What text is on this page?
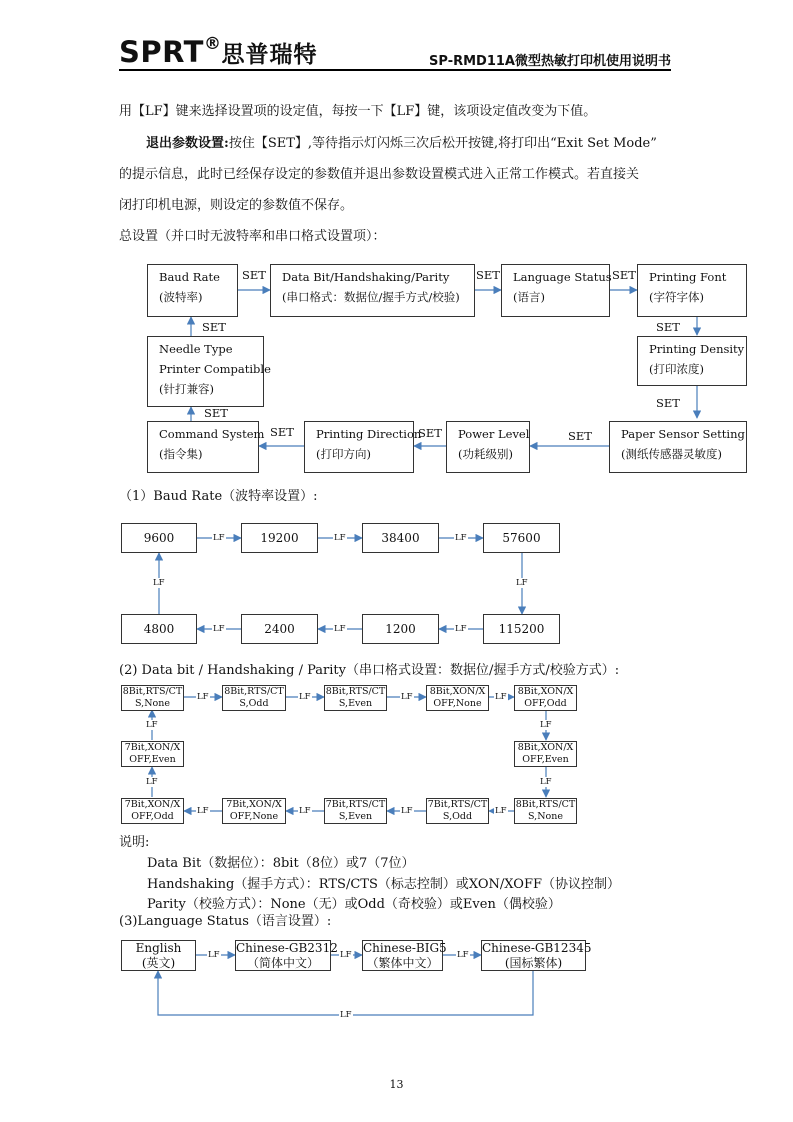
SPRT®思普瑞特	SP-RMD11A微型热敏打印机使用说明书
用【LF】键来选择设置项的设定值，每按一下【LF】键，该项设定值改变为下值。
退出参数设置:按住【SET】,等待指示灯闪烁三次后松开按键,将打印出“Exit Set Mode”
的提示信息，此时已经保存设定的参数值并退出参数设置模式进入正常工作模式。若直接关
闭打印机电源，则设定的参数值不保存。
总设置（并口时无波特率和串口格式设置项）：
Baud Rate
(波特率)
Data Bit/Handshaking/Parity
(串口格式：数据位/握手方式/校验)
Language Status
(语言)
Printing Font
(字符字体)
Needle Type
Printer Compatible
(针打兼容)
Printing Density
(打印浓度)
Command System
(指令集)
Printing Direction
(打印方向)
Power Level
(功耗级别)
Paper Sensor Setting
(测纸传感器灵敏度)
SET	SET	SET
SET
SET
SET
SET
SET
SET
SET
（1）Baud Rate（波特率设置）:
9600	19200	38400	57600
4800	2400	1200	115200
LF	LF	LF
LF
LF
LF
LF
LF
(2) Data bit / Handshaking / Parity（串口格式设置：数据位/握手方式/校验方式）:
8Bit,RTS/CT
S,None
8Bit,RTS/CT
S,Odd
8Bit,RTS/CT
S,Even
8Bit,XON/X
OFF,None
8Bit,XON/X
OFF,Odd
8Bit,XON/X
OFF,Even
8Bit,RTS/CT
S,None
7Bit,RTS/CT
S,Odd
7Bit,RTS/CT
S,Even
7Bit,XON/X
OFF,None
7Bit,XON/X
OFF,Odd
7Bit,XON/X
OFF,Even
LF	LF	LF	LF
LF
LF
LF
LF
LF
LF
LF
LF
说明:
Data Bit（数据位）：8bit（8位）或7（7位）
Handshaking（握手方式）：RTS/CTS（标志控制）或XON/XOFF（协议控制）
Parity（校验方式）：None（无）或Odd（奇校验）或Even（偶校验）
(3)Language Status（语言设置）:
English
(英文)
Chinese-GB2312
（简体中文）
Chinese-BIG5
（繁体中文）
Chinese-GB12345
(国标繁体)
LF	LF	LF
LF
13
